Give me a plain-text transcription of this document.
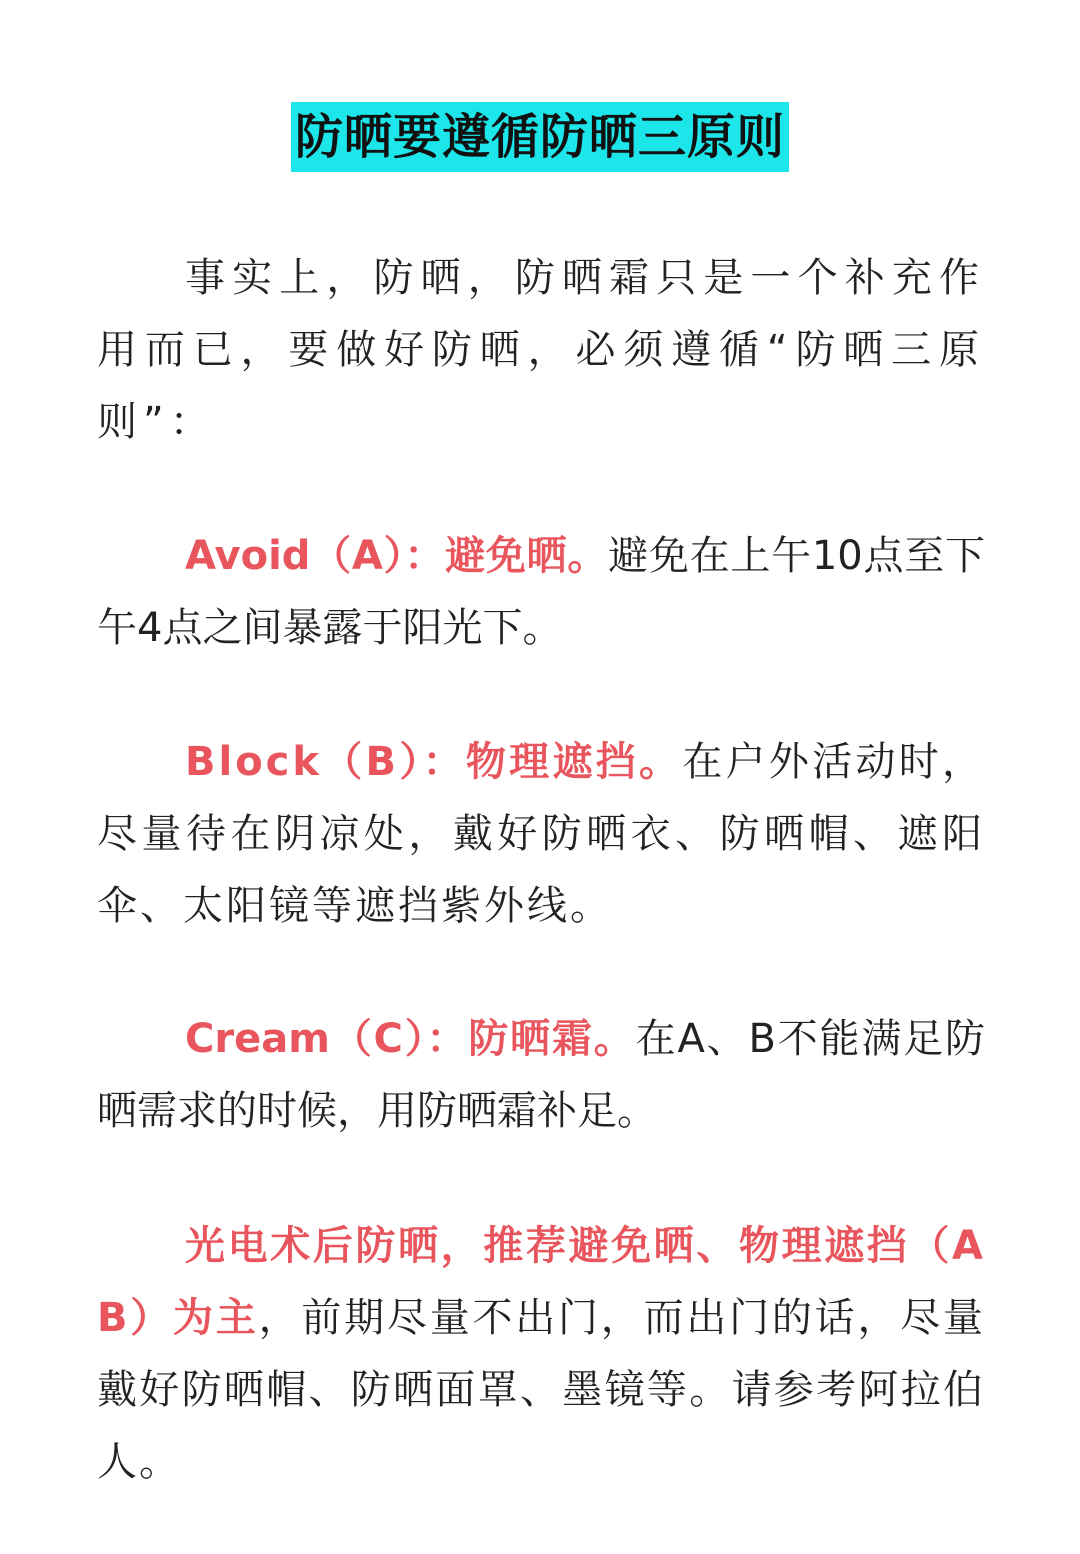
防晒要遵循防晒三原则

事实上，防晒，防晒霜只是一个补充作用而已，要做好防晒，必须遵循“防晒三原则”：

Avoid（A）：避免晒。避免在上午10点至下午4点之间暴露于阳光下。

Block（B）：物理遮挡。在户外活动时，尽量待在阴凉处，戴好防晒衣、防晒帽、遮阳伞、太阳镜等遮挡紫外线。

Cream（C）：防晒霜。在A、B不能满足防晒需求的时候，用防晒霜补足。

光电术后防晒，推荐避免晒、物理遮挡（AB）为主，前期尽量不出门，而出门的话，尽量戴好防晒帽、防晒面罩、墨镜等。请参考阿拉伯人。
